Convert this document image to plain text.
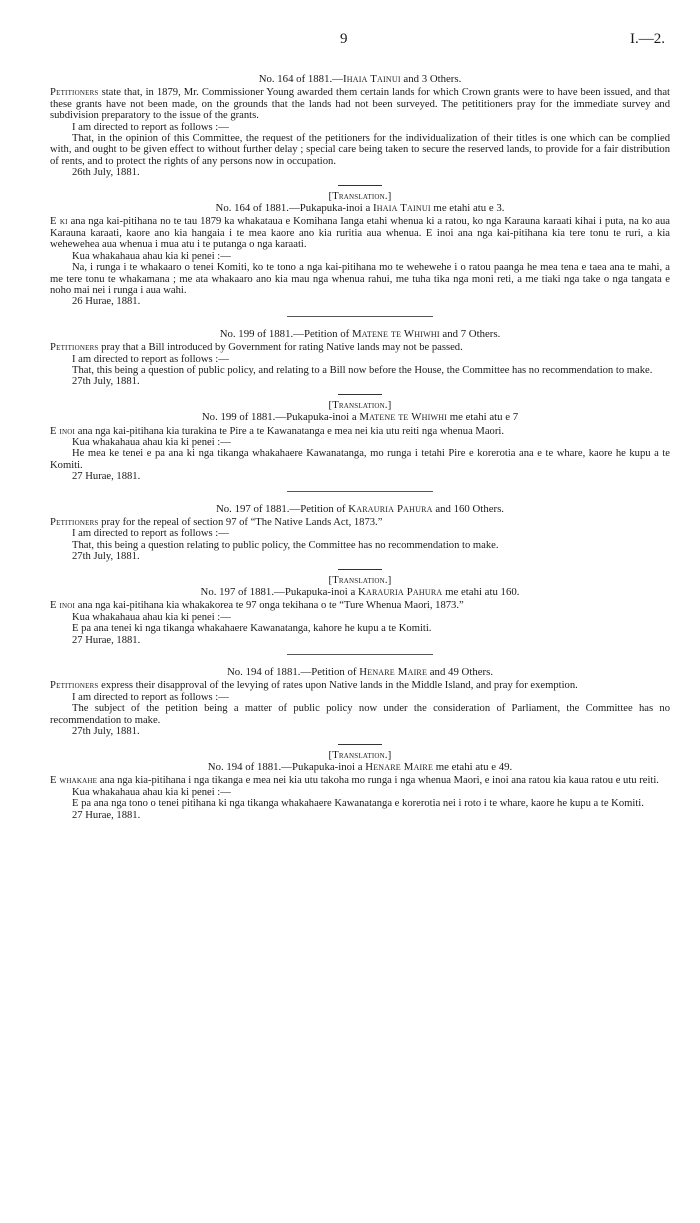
9	I.—2.

No. 164 of 1881.—Ihaia Tainui and 3 Others.

Petitioners state that, in 1879, Mr. Commissioner Young awarded them certain lands for which Crown grants were to have been issued, and that these grants have not been made, on the grounds that the lands had not been surveyed. The petititioners pray for the immediate survey and subdivision preparatory to the issue of the grants.

I am directed to report as follows :—

That, in the opinion of this Committee, the request of the petitioners for the individualization of their titles is one which can be complied with, and ought to be given effect to without further delay ; special care being taken to secure the reserved lands, to provide for a fair distribution of rents, and to protect the rights of any persons now in occupation.

26th July, 1881.

[Translation.]

No. 164 of 1881.—Pukapuka-inoi a Ihaia Tainui me etahi atu e 3.

E ki ana nga kai-pitihana no te tau 1879 ka whakataua e Komihana Ianga etahi whenua ki a ratou, ko nga Karauna karaati kihai i puta, na ko aua Karauna karaati, kaore ano kia hangaia i te mea kaore ano kia ruritia aua whenua. E inoi ana nga kai-pitihana kia tere tonu te ruri, a kia wehewehea aua whenua i mua atu i te putanga o nga karaati.

Kua whakahaua ahau kia ki penei :—

Na, i runga i te whakaaro o tenei Komiti, ko te tono a nga kai-pitihana mo te wehewehe i o ratou paanga he mea tena e taea ana te mahi, a me tere tonu te whakamana ; me ata whakaaro ano kia mau nga whenua rahui, me tuha tika nga moni reti, a me tiaki nga take o nga tangata e noho mai nei i runga i aua wahi.

26 Hurae, 1881.

No. 199 of 1881.—Petition of Matene te Whiwhi and 7 Others.

Petitioners pray that a Bill introduced by Government for rating Native lands may not be passed.

I am directed to report as follows :—

That, this being a question of public policy, and relating to a Bill now before the House, the Committee has no recommendation to make.

27th July, 1881.

[Translation.]

No. 199 of 1881.—Pukapuka-inoi a Matene te Whiwhi me etahi atu e 7

E inoi ana nga kai-pitihana kia turakina te Pire a te Kawanatanga e mea nei kia utu reiti nga whenua Maori.

Kua whakahaua ahau kia ki penei :—

He mea ke tenei e pa ana ki nga tikanga whakahaere Kawanatanga, mo runga i tetahi Pire e korerotia ana e te whare, kaore he kupu a te Komiti.

27 Hurae, 1881.

No. 197 of 1881.—Petition of Karauria Pahura and 160 Others.

Petitioners pray for the repeal of section 97 of “The Native Lands Act, 1873.”

I am directed to report as follows :—

That, this being a question relating to public policy, the Committee has no recommendation to make.

27th July, 1881.

[Translation.]

No. 197 of 1881.—Pukapuka-inoi a Karauria Pahura me etahi atu 160.

E inoi ana nga kai-pitihana kia whakakorea te 97 onga tekihana o te “Ture Whenua Maori, 1873.”

Kua whakahaua ahau kia ki penei :—

E pa ana tenei ki nga tikanga whakahaere Kawanatanga, kahore he kupu a te Komiti.

27 Hurae, 1881.

No. 194 of 1881.—Petition of Henare Maire and 49 Others.

Petitioners express their disapproval of the levying of rates upon Native lands in the Middle Island, and pray for exemption.

I am directed to report as follows :—

The subject of the petition being a matter of public policy now under the consideration of Parliament, the Committee has no recommendation to make.

27th July, 1881.

[Translation.]

No. 194 of 1881.—Pukapuka-inoi a Henare Maire me etahi atu e 49.

E whakahe ana nga kia-pitihana i nga tikanga e mea nei kia utu takoha mo runga i nga whenua Maori, e inoi ana ratou kia kaua ratou e utu reiti.

Kua whakahaua ahau kia ki penei :—

E pa ana nga tono o tenei pitihana ki nga tikanga whakahaere Kawanatanga e korerotia nei i roto i te whare, kaore he kupu a te Komiti.

27 Hurae, 1881.
